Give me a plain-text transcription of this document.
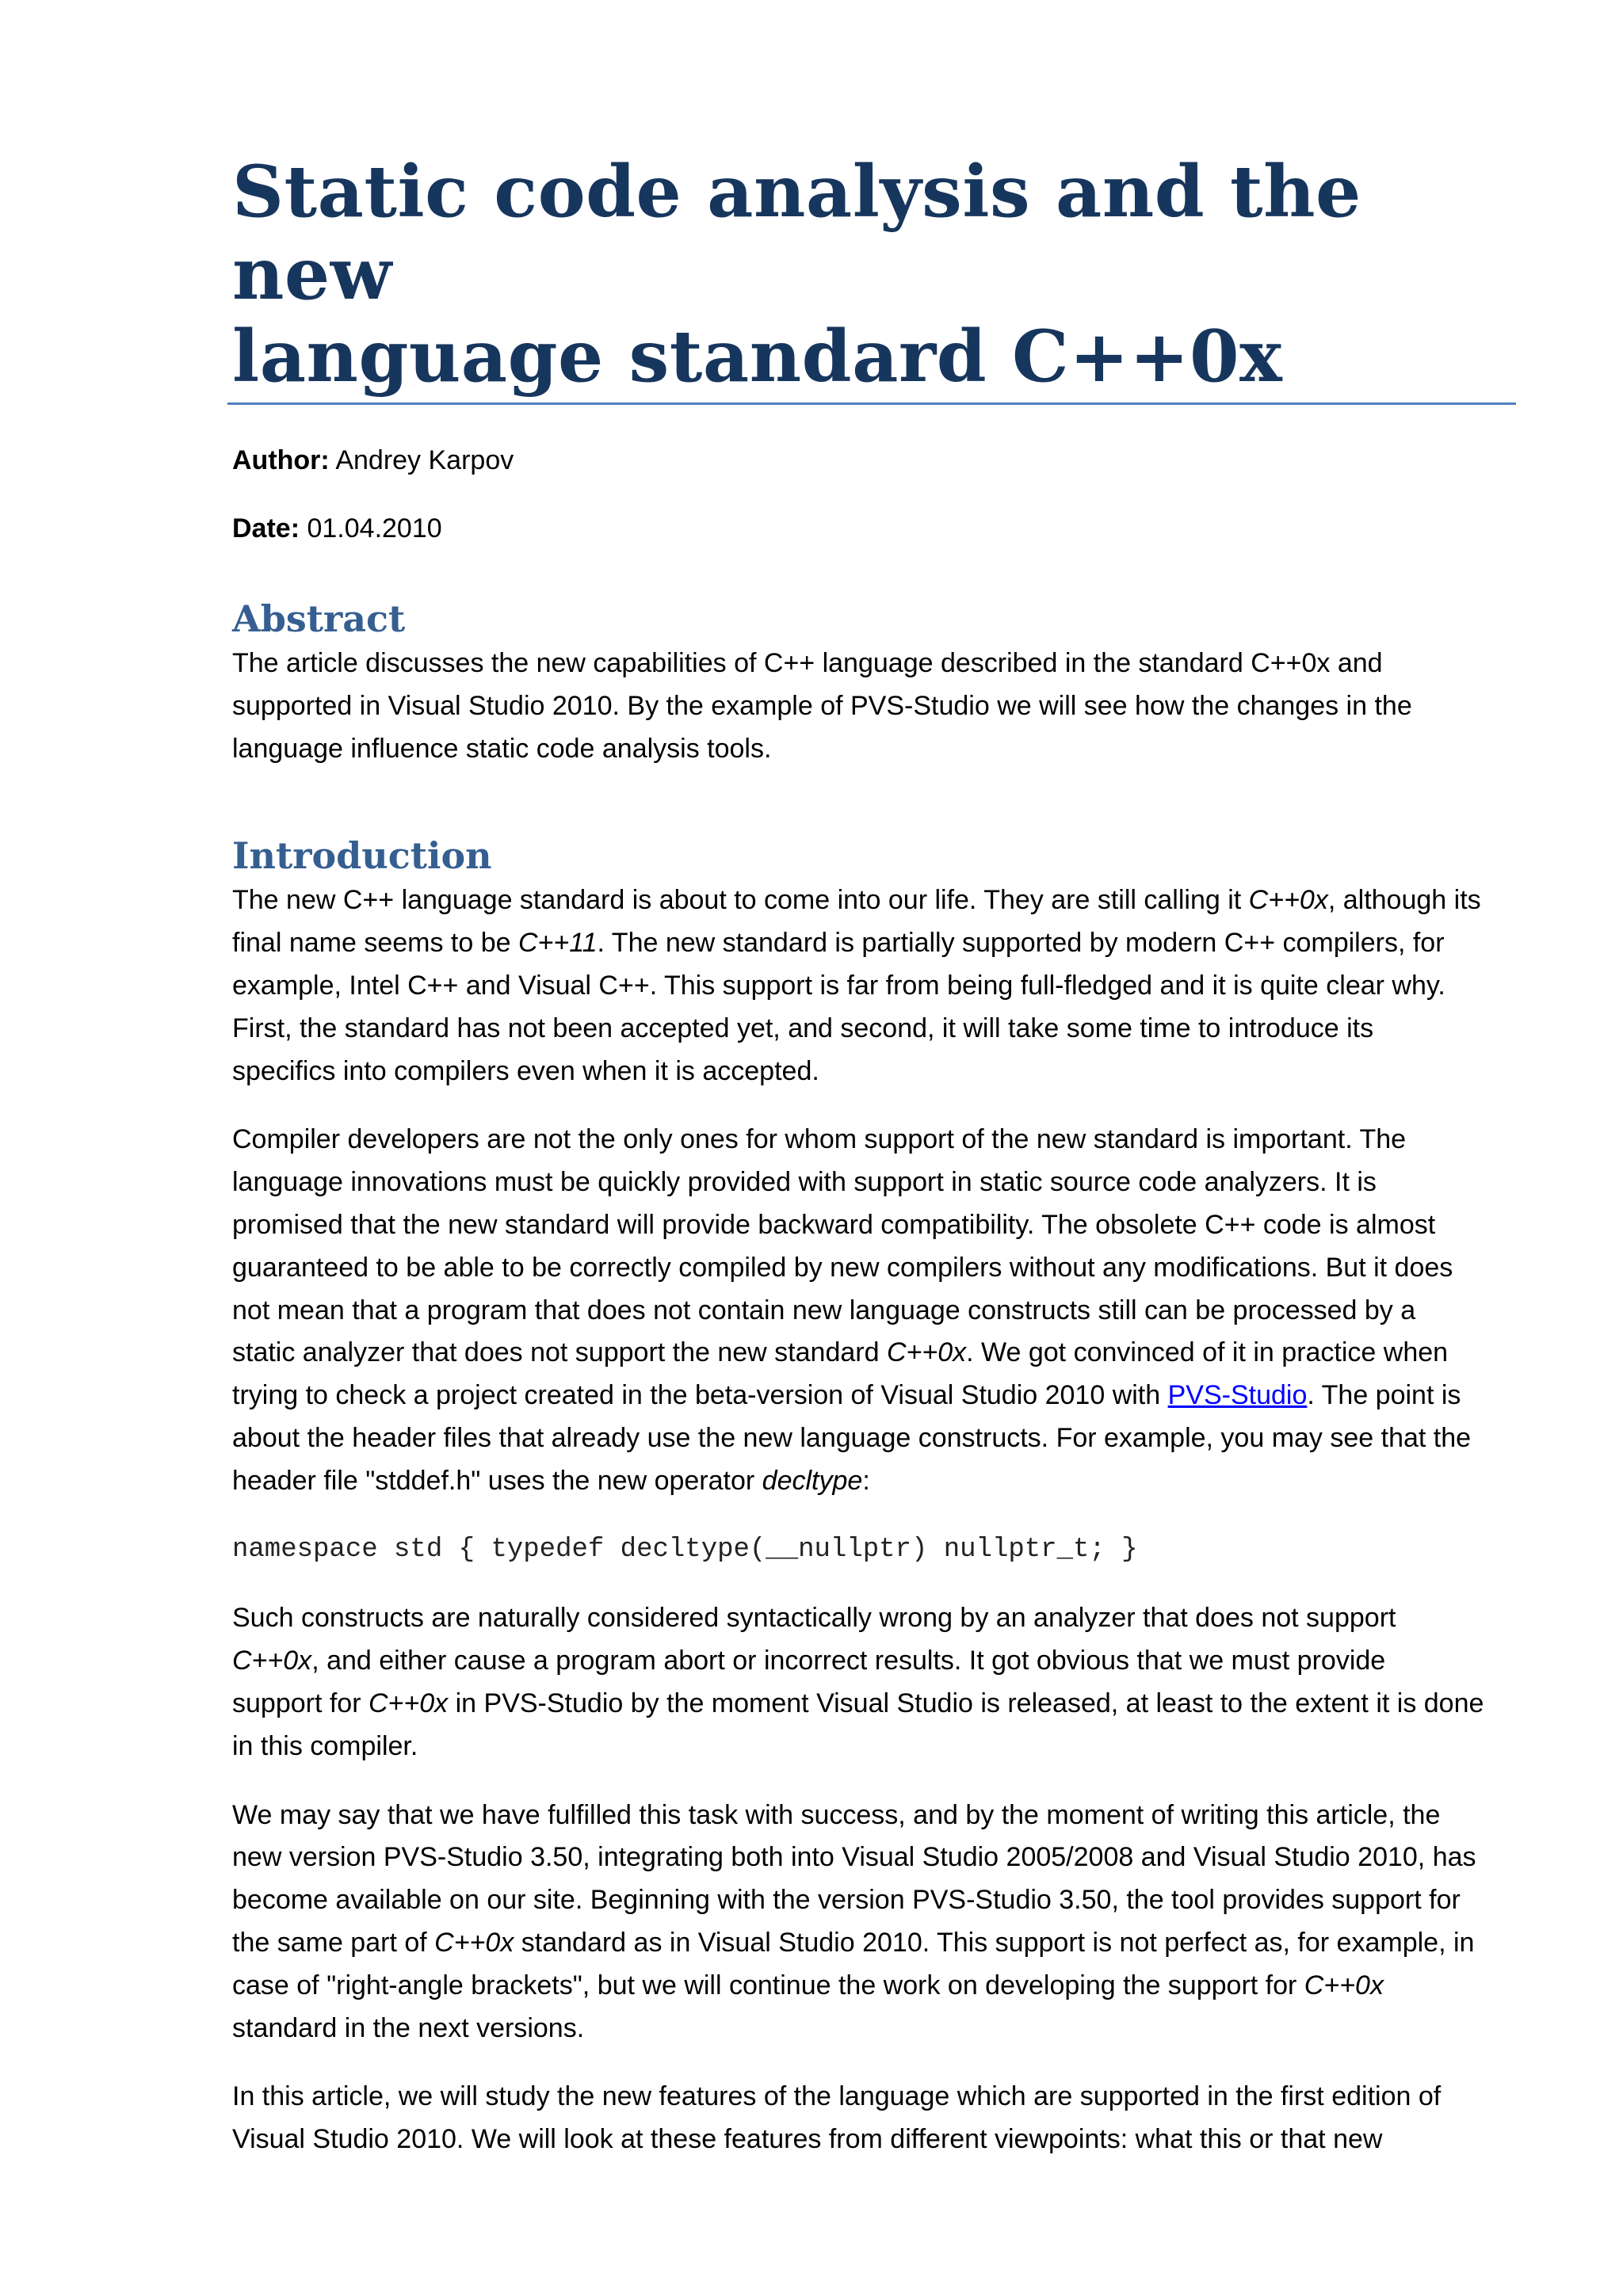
Static code analysis and the new
language standard C++0x

Author: Andrey Karpov

Date: 01.04.2010

Abstract

The article discusses the new capabilities of C++ language described in the standard C++0x and
supported in Visual Studio 2010. By the example of PVS-Studio we will see how the changes in the
language influence static code analysis tools.

Introduction

The new C++ language standard is about to come into our life. They are still calling it C++0x, although its
final name seems to be C++11. The new standard is partially supported by modern C++ compilers, for
example, Intel C++ and Visual C++. This support is far from being full-fledged and it is quite clear why.
First, the standard has not been accepted yet, and second, it will take some time to introduce its
specifics into compilers even when it is accepted.

Compiler developers are not the only ones for whom support of the new standard is important. The
language innovations must be quickly provided with support in static source code analyzers. It is
promised that the new standard will provide backward compatibility. The obsolete C++ code is almost
guaranteed to be able to be correctly compiled by new compilers without any modifications. But it does
not mean that a program that does not contain new language constructs still can be processed by a
static analyzer that does not support the new standard C++0x. We got convinced of it in practice when
trying to check a project created in the beta-version of Visual Studio 2010 with PVS-Studio. The point is
about the header files that already use the new language constructs. For example, you may see that the
header file "stddef.h" uses the new operator decltype:

namespace std { typedef decltype(__nullptr) nullptr_t; }

Such constructs are naturally considered syntactically wrong by an analyzer that does not support
C++0x, and either cause a program abort or incorrect results. It got obvious that we must provide
support for C++0x in PVS-Studio by the moment Visual Studio is released, at least to the extent it is done
in this compiler.

We may say that we have fulfilled this task with success, and by the moment of writing this article, the
new version PVS-Studio 3.50, integrating both into Visual Studio 2005/2008 and Visual Studio 2010, has
become available on our site. Beginning with the version PVS-Studio 3.50, the tool provides support for
the same part of C++0x standard as in Visual Studio 2010. This support is not perfect as, for example, in
case of "right-angle brackets", but we will continue the work on developing the support for C++0x
standard in the next versions.

In this article, we will study the new features of the language which are supported in the first edition of
Visual Studio 2010. We will look at these features from different viewpoints: what this or that new
